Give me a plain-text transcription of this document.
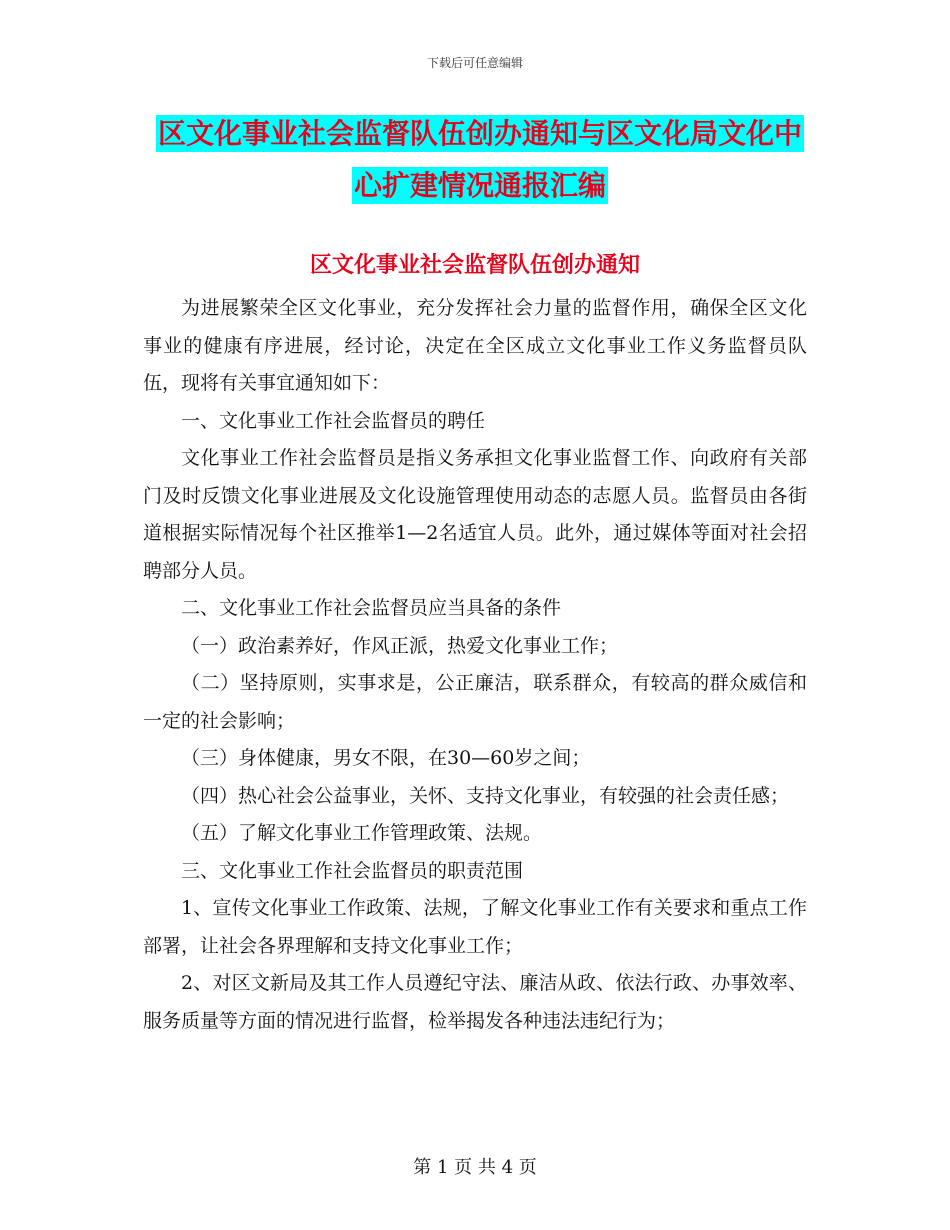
下载后可任意编辑
区文化事业社会监督队伍创办通知与区文化局文化中
心扩建情况通报汇编
区文化事业社会监督队伍创办通知

为进展繁荣全区文化事业，充分发挥社会力量的监督作用，确保全区文化事业的健康有序进展，经讨论，决定在全区成立文化事业工作义务监督员队伍，现将有关事宜通知如下：

一、文化事业工作社会监督员的聘任

文化事业工作社会监督员是指义务承担文化事业监督工作、向政府有关部门及时反馈文化事业进展及文化设施管理使用动态的志愿人员。监督员由各街道根据实际情况每个社区推举1—2名适宜人员。此外，通过媒体等面对社会招聘部分人员。

二、文化事业工作社会监督员应当具备的条件

（一）政治素养好，作风正派，热爱文化事业工作；

（二）坚持原则，实事求是，公正廉洁，联系群众，有较高的群众威信和一定的社会影响；

（三）身体健康，男女不限，在30—60岁之间；

（四）热心社会公益事业，关怀、支持文化事业，有较强的社会责任感；

（五）了解文化事业工作管理政策、法规。

三、文化事业工作社会监督员的职责范围

1、宣传文化事业工作政策、法规，了解文化事业工作有关要求和重点工作部署，让社会各界理解和支持文化事业工作；

2、对区文新局及其工作人员遵纪守法、廉洁从政、依法行政、办事效率、服务质量等方面的情况进行监督，检举揭发各种违法违纪行为；

第 1 页 共 4 页
